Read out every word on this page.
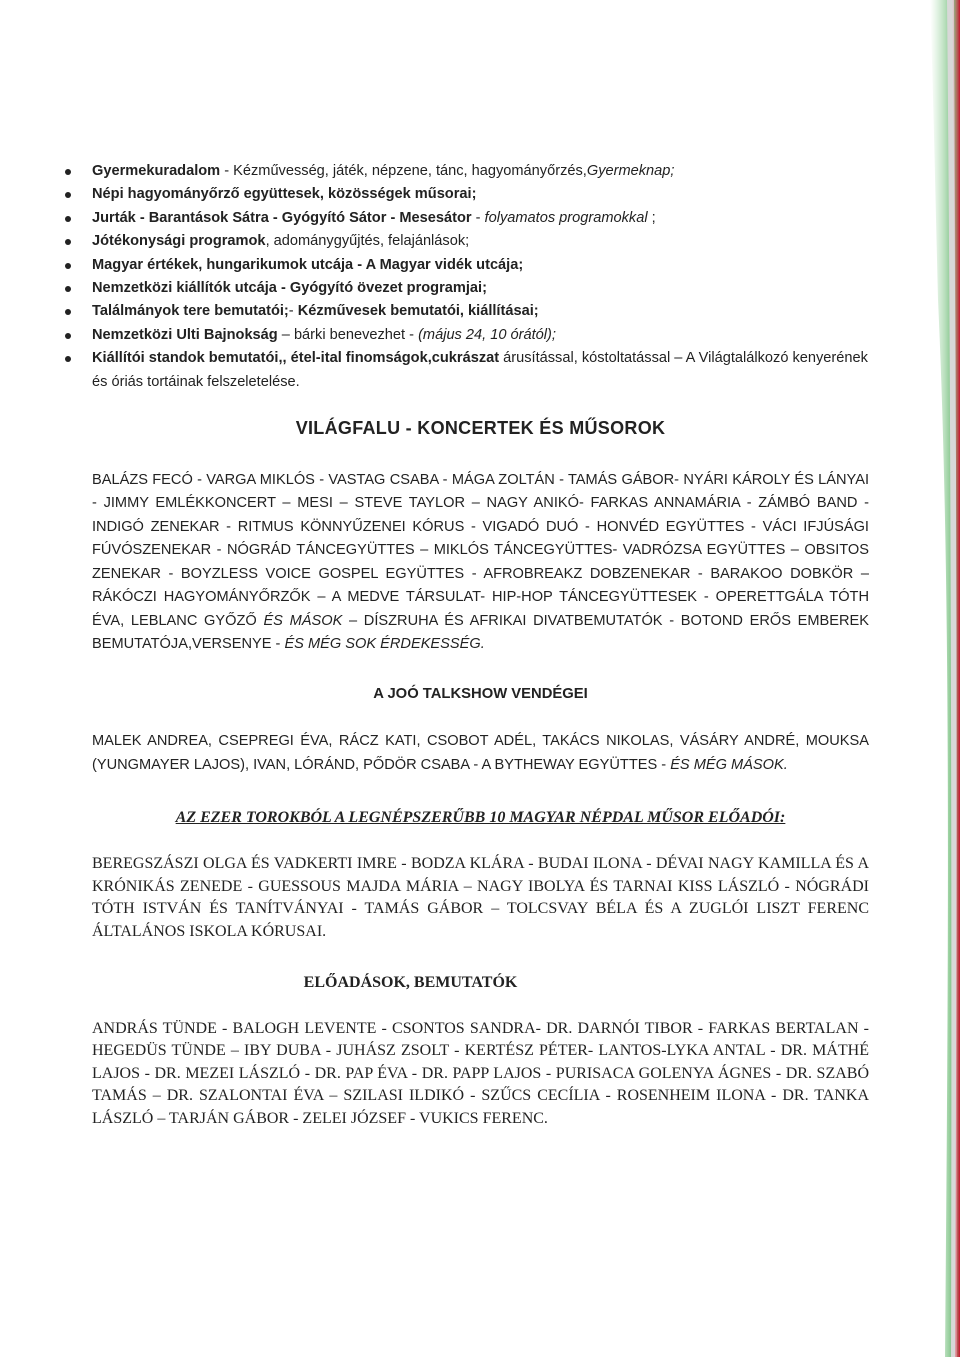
Gyermekuradalom - Kézművesség, játék, népzene, tánc, hagyományőrzés,Gyermeknap;
Népi hagyományőrző együttesek, közösségek műsorai;
Jurták - Barantások Sátra - Gyógyító Sátor - Mesesátor - folyamatos programokkal ;
Jótékonysági programok, adománygyűjtés, felajánlások;
Magyar értékek, hungarikumok utcája - A Magyar vidék utcája;
Nemzetközi kiállítók utcája - Gyógyító övezet programjai;
Találmányok tere bemutatói;- Kézművesek bemutatói, kiállításai;
Nemzetközi Ulti Bajnokság – bárki benevezhet - (május 24, 10 órától);
Kiállítói standok bemutatói,, étel-ital finomságok,cukrászat árusítással, kóstoltatással – A Világtalálkozó kenyerének és óriás tortáinak felszeletelése.
VILÁGFALU - KONCERTEK ÉS MŰSOROK

BALÁZS FECÓ - VARGA MIKLÓS - VASTAG CSABA - MÁGA ZOLTÁN - TAMÁS GÁBOR- NYÁRI KÁROLY ÉS LÁNYAI - JIMMY EMLÉKKONCERT – MESI – STEVE TAYLOR – NAGY ANIKÓ- FARKAS ANNAMÁRIA - ZÁMBÓ BAND - INDIGÓ ZENEKAR - RITMUS KÖNNYŰZENEI KÓRUS - VIGADÓ DUÓ - HONVÉD EGYÜTTES - VÁCI IFJÚSÁGI FÚVÓSZENEKAR - NÓGRÁD TÁNCEGYÜTTES – MIKLÓS TÁNCEGYÜTTES- VADRÓZSA EGYÜTTES – OBSITOS ZENEKAR - BOYZLESS VOICE GOSPEL EGYÜTTES - AFROBREAKZ DOBZENEKAR - BARAKOO DOBKÖR – RÁKÓCZI HAGYOMÁNYŐRZŐK – A MEDVE TÁRSULAT- HIP-HOP TÁNCEGYÜTTESEK - OPERETTGÁLA TÓTH ÉVA, LEBLANC GYŐZŐ ÉS MÁSOK – DÍSZRUHA ÉS AFRIKAI DIVATBEMUTATÓK - BOTOND ERŐS EMBEREK BEMUTATÓJA,VERSENYE - ÉS MÉG SOK ÉRDEKESSÉG.

A JOÓ TALKSHOW VENDÉGEI

MALEK ANDREA, CSEPREGI ÉVA, RÁCZ KATI, CSOBOT ADÉL, TAKÁCS NIKOLAS, VÁSÁRY ANDRÉ, MOUKSA (YUNGMAYER LAJOS), IVAN, LÓRÁND, PŐDÖR CSABA - A BYTHEWAY EGYÜTTES - ÉS MÉG MÁSOK.

AZ EZER TOROKBÓL A LEGNÉPSZERŰBB 10 MAGYAR NÉPDAL MŰSOR ELŐADÓI:

BEREGSZÁSZI OLGA ÉS VADKERTI IMRE - BODZA KLÁRA - BUDAI ILONA - DÉVAI NAGY KAMILLA ÉS A KRÓNIKÁS ZENEDE - GUESSOUS MAJDA MÁRIA – NAGY IBOLYA ÉS TARNAI KISS LÁSZLÓ - NÓGRÁDI TÓTH ISTVÁN ÉS TANÍTVÁNYAI - TAMÁS GÁBOR – TOLCSVAY BÉLA ÉS A ZUGLÓI LISZT FERENC ÁLTALÁNOS ISKOLA KÓRUSAI.

ELŐADÁSOK, BEMUTATÓK

ANDRÁS TÜNDE - BALOGH LEVENTE - CSONTOS SANDRA- DR. DARNÓI TIBOR - FARKAS BERTALAN - HEGEDÜS TÜNDE – IBY DUBA - JUHÁSZ ZSOLT - KERTÉSZ PÉTER- LANTOS-LYKA ANTAL - DR. MÁTHÉ LAJOS - DR. MEZEI LÁSZLÓ - DR. PAP ÉVA - DR. PAPP LAJOS - PURISACA GOLENYA ÁGNES - DR. SZABÓ TAMÁS – DR. SZALONTAI ÉVA – SZILASI ILDIKÓ - SZŰCS CECÍLIA - ROSENHEIM ILONA - DR. TANKA LÁSZLÓ – TARJÁN GÁBOR - ZELEI JÓZSEF - VUKICS FERENC.
